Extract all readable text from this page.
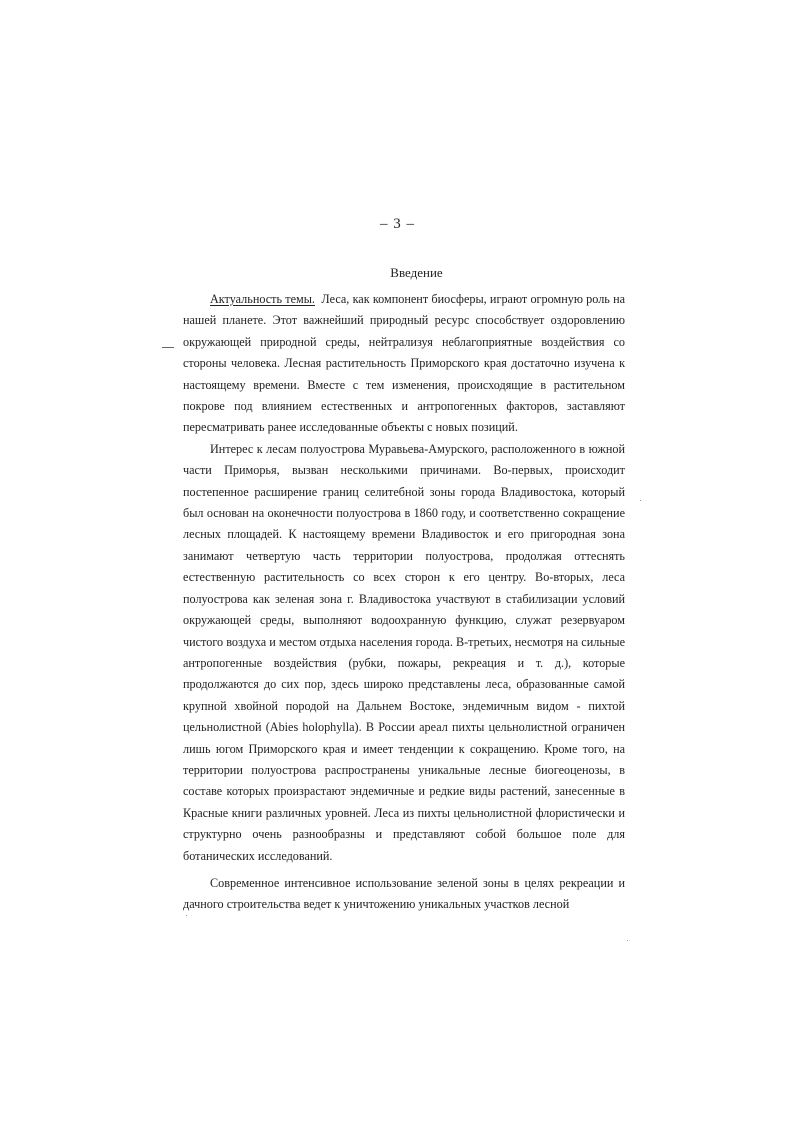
– 3 –
Введение

Актуальность темы. Леса, как компонент биосферы, играют огромную роль на нашей планете. Этот важнейший природный ресурс способствует оздоровлению окружающей природной среды, нейтрализуя неблагоприятные воздействия со стороны человека. Лесная растительность Приморского края достаточно изучена к настоящему времени. Вместе с тем изменения, происходящие в растительном покрове под влиянием естественных и антропогенных факторов, заставляют пересматривать ранее исследованные объекты с новых позиций.

Интерес к лесам полуострова Муравьева-Амурского, расположенного в южной части Приморья, вызван несколькими причинами. Во-первых, происходит постепенное расширение границ селитебной зоны города Владивостока, который был основан на оконечности полуострова в 1860 году, и соответственно сокращение лесных площадей. К настоящему времени Владивосток и его пригородная зона занимают четвертую часть территории полуострова, продолжая оттеснять естественную растительность со всех сторон к его центру. Во-вторых, леса полуострова как зеленая зона г. Владивостока участвуют в стабилизации условий окружающей среды, выполняют водоохранную функцию, служат резервуаром чистого воздуха и местом отдыха населения города. В-третьих, несмотря на сильные антропогенные воздействия (рубки, пожары, рекреация и т. д.), которые продолжаются до сих пор, здесь широко представлены леса, образованные самой крупной хвойной породой на Дальнем Востоке, эндемичным видом - пихтой цельнолистной (Abies holophylla). В России ареал пихты цельнолистной ограничен лишь югом Приморского края и имеет тенденции к сокращению. Кроме того, на территории полуострова распространены уникальные лесные биогеоценозы, в составе которых произрастают эндемичные и редкие виды растений, занесенные в Красные книги различных уровней. Леса из пихты цельнолистной флористически и структурно очень разнообразны и представляют собой большое поле для ботанических исследований.

Современное интенсивное использование зеленой зоны в целях рекреации и дачного строительства ведет к уничтожению уникальных участков лесной
